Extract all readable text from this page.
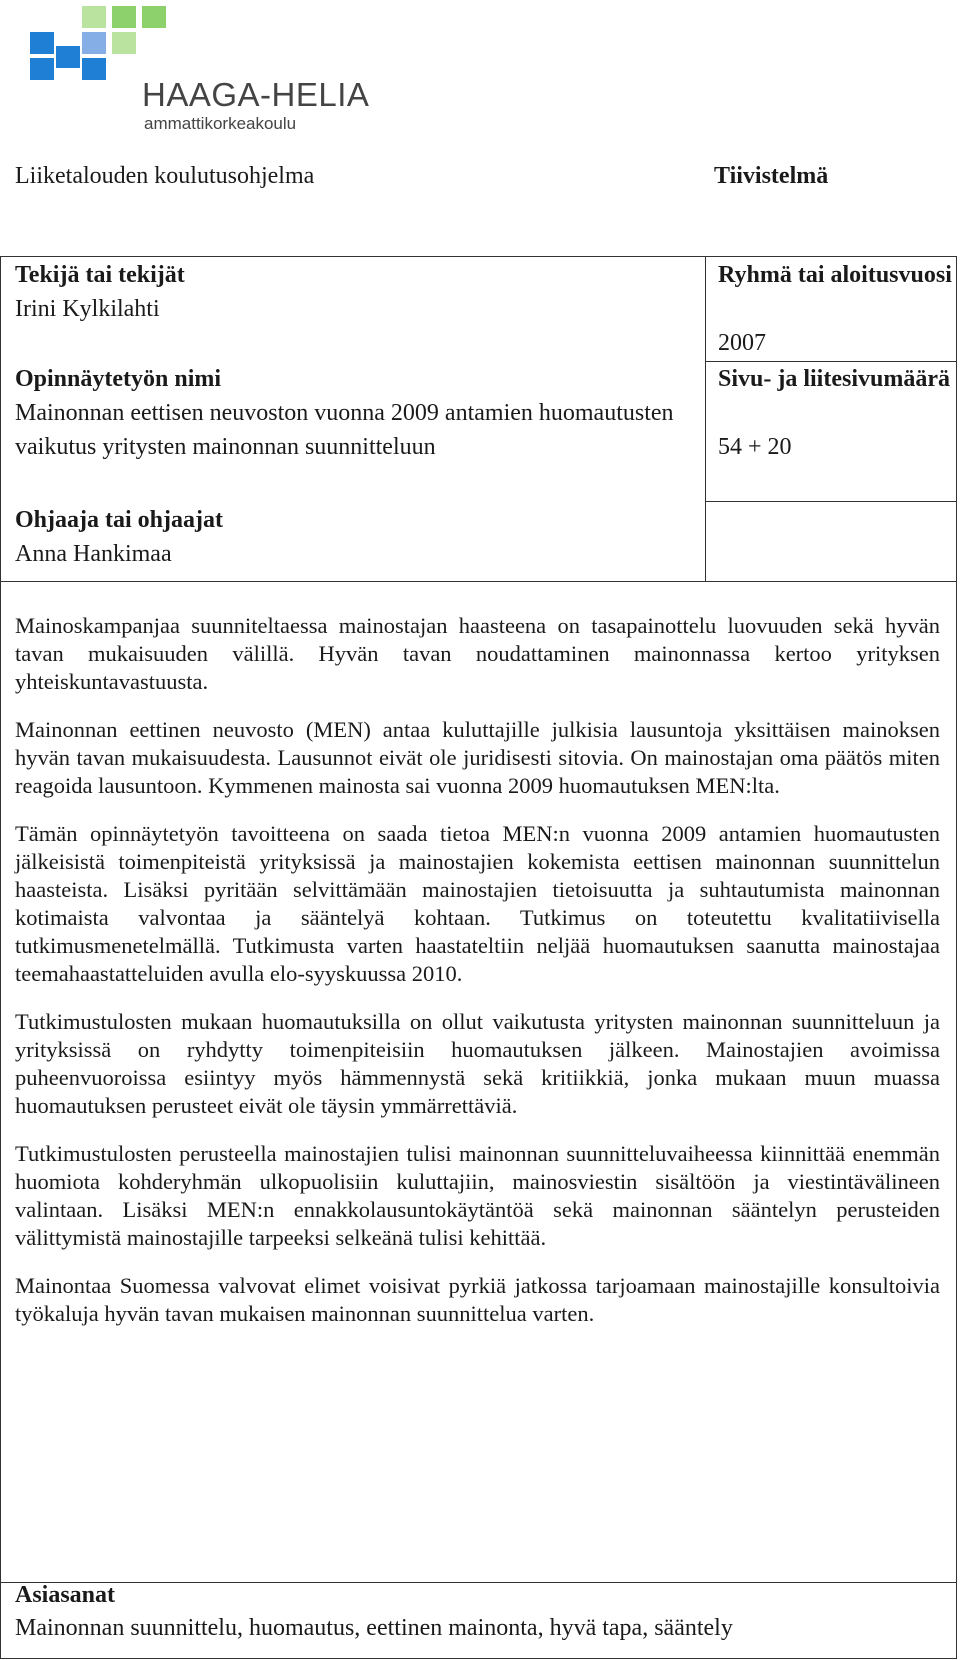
HAAGA-HELIA
ammattikorkeakoulu
Liiketalouden koulutusohjelma	Tiivistelmä
Tekijä tai tekijät
Irini Kylkilahti
Opinnäytetyön nimi
Mainonnan eettisen neuvoston vuonna 2009 antamien huomautusten vaikutus yritysten mainonnan suunnitteluun
Ohjaaja tai ohjaajat
Anna Hankimaa
Ryhmä tai aloitusvuosi
2007
Sivu- ja liitesivumäärä
54 + 20

Mainoskampanjaa suunniteltaessa mainostajan haasteena on tasapainottelu luovuuden sekä hyvän tavan mukaisuuden välillä. Hyvän tavan noudattaminen mainonnassa kertoo yrityksen yhteiskuntavastuusta.

Mainonnan eettinen neuvosto (MEN) antaa kuluttajille julkisia lausuntoja yksittäisen mainoksen hyvän tavan mukaisuudesta. Lausunnot eivät ole juridisesti sitovia. On mainostajan oma päätös miten reagoida lausuntoon. Kymmenen mainosta sai vuonna 2009 huomautuksen MEN:lta.

Tämän opinnäytetyön tavoitteena on saada tietoa MEN:n vuonna 2009 antamien huomautusten jälkeisistä toimenpiteistä yrityksissä ja mainostajien kokemista eettisen mainonnan suunnittelun haasteista. Lisäksi pyritään selvittämään mainostajien tietoisuutta ja suhtautumista mainonnan kotimaista valvontaa ja sääntelyä kohtaan. Tutkimus on toteutettu kvalitatiivisella tutkimusmenetelmällä. Tutkimusta varten haastateltiin neljää huomautuksen saanutta mainostajaa teemahaastatteluiden avulla elo-syyskuussa 2010.

Tutkimustulosten mukaan huomautuksilla on ollut vaikutusta yritysten mainonnan suunnitteluun ja yrityksissä on ryhdytty toimenpiteisiin huomautuksen jälkeen. Mainostajien avoimissa puheenvuoroissa esiintyy myös hämmennystä sekä kritiikkiä, jonka mukaan muun muassa huomautuksen perusteet eivät ole täysin ymmärrettäviä.

Tutkimustulosten perusteella mainostajien tulisi mainonnan suunnitteluvaiheessa kiinnittää enemmän huomiota kohderyhmän ulkopuolisiin kuluttajiin, mainosviestin sisältöön ja viestintävälineen valintaan. Lisäksi MEN:n ennakkolausuntokäytäntöä sekä mainonnan sääntelyn perusteiden välittymistä mainostajille tarpeeksi selkeänä tulisi kehittää.

Mainontaa Suomessa valvovat elimet voisivat pyrkiä jatkossa tarjoamaan mainostajille konsultoivia työkaluja hyvän tavan mukaisen mainonnan suunnittelua varten.

Asiasanat
Mainonnan suunnittelu, huomautus, eettinen mainonta, hyvä tapa, sääntely
